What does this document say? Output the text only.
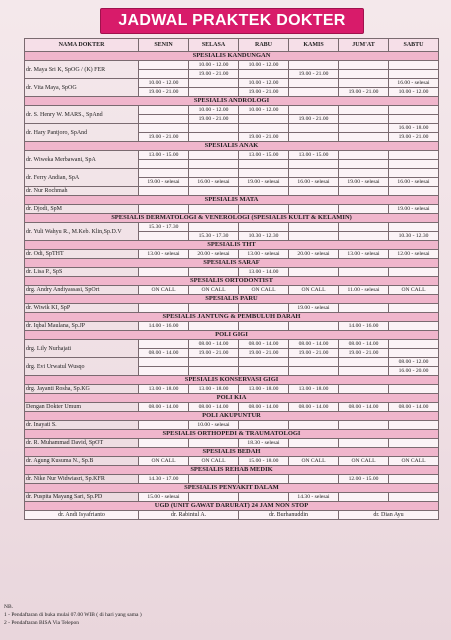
JADWAL PRAKTEK DOKTER
NAMA DOKTER	SENIN	SELASA	RABU	KAMIS	JUM'AT	SABTU
SPESIALIS KANDUNGAN						
dr. Maya Sri K, SpOG / (K) FER		10.00 - 12.00	10.00 - 12.00			
		19.00 - 21.00		19.00 - 21.00		
dr. Vita Maya, SpOG	10.00 - 12.00		10.00 - 12.00			16.00 - selesai
	19.00 - 21.00		19.00 - 21.00		19.00 - 21.00	10.00 - 12.00
SPESIALIS ANDROLOGI						
dr. S. Henry W. MARS., SpAnd		10.00 - 12.00	10.00 - 12.00			
		19.00 - 21.00		19.00 - 21.00		
dr. Hary Pantjoro, SpAnd						16.00 - 18.00
	19.00 - 21.00		19.00 - 21.00			19.00 - 21.00
SPESIALIS ANAK						
dr. Wiweka Merbawani, SpA	13.00 - 15.00		13.00 - 15.00	13.00 - 15.00		

dr. Ferry Andian, SpA						
	19.00 - selesai	16.00 - selesai	19.00 - selesai	16.00 - selesai	19.00 - selesai	16.00 - selesai
dr. Nur Rochmah						
SPESIALIS MATA						
dr. Djodi, SpM						19.00 - selesai
SPESIALIS DERMATOLOGI & VENEROLOGI (SPESIALIS KULIT & KELAMIN)						
dr. Yuli Wahyu R., M.Keb. Klin,Sp.D.V	15.30 - 17.30					
		15.30 - 17.30	10.30 - 12.30			10.30 - 12.30
SPESIALIS THT						
dr. Odi, SpTHT	13.00 - selesai	20.00 - selesai	13.00 - selesai	20.00 - selesai	13.00 - selesai	12.00 - selesai
SPESIALIS SARAF						
dr. Lisa P., SpS			13.00 - 14.00			
SPESIALIS ORTODONTIST						
drg. Andry Andiyassasi, SpOrt	ON CALL	ON CALL	ON CALL	ON CALL	11.00 - selesai	ON CALL
SPESIALIS PARU						
dr. Wiwik KI, SpP				19.00 - selesai		
SPESIALIS JANTUNG & PEMBULUH DARAH						
dr. Iqbal Maulana, Sp.JP	14.00 - 16.00				14.00 - 16.00	
POLI GIGI						
drg. Lily Nurhajati		08.00 - 14.00	08.00 - 14.00	08.00 - 14.00	08.00 - 14.00	
	08.00 - 14.00	19.00 - 21.00	19.00 - 21.00	19.00 - 21.00	19.00 - 21.00	
drg. Evi Urwatul Wusqo						08.00 - 12.00
						16.00 - 20.00
SPESIALIS KONSERVASI GIGI						
drg. Jayanti Rosha, Sp.KG	13.00 - 18.00	13.00 - 18.00	13.00 - 18.00	13.00 - 18.00		
POLI KIA						
Dengan Dokter Umum	08.00 - 14.00	08.00 - 14.00	08.00 - 14.00	08.00 - 14.00	08.00 - 14.00	08.00 - 14.00
POLI AKUPUNTUR						
dr. Inayati S.		10.00 - selesai				
SPESIALIS ORTHOPEDI & TRAUMATOLOGI						
dr. R. Muhammad David, SpOT			18.30 - selesai			
SPESIALIS BEDAH						
dr. Agung Kusuma N., Sp.B	ON CALL	ON CALL	15.00 - 18.00	ON CALL	ON CALL	ON CALL
SPESIALIS REHAB MEDIK						
dr. Nike Nur Widwiasri, Sp.KFR	14.30 - 17.00				12.00 - 15.00	
SPESIALIS PENYAKIT DALAM						
dr. Puspita Mayang Sari, Sp.PD	15.00 - selesai			14.30 - selesai		
UGD (UNIT GAWAT DARURAT) 24 JAM NON STOP						
dr. Andi Isyafrianto	dr. Rabintul A.		dr. Burhanuddin		dr. Dian Ayu	
NB.
1 - Pendaftaran di buka mulai 07.00 WIB ( di hari yang sama )
2 - Pendaftaran BISA Via Telepon
